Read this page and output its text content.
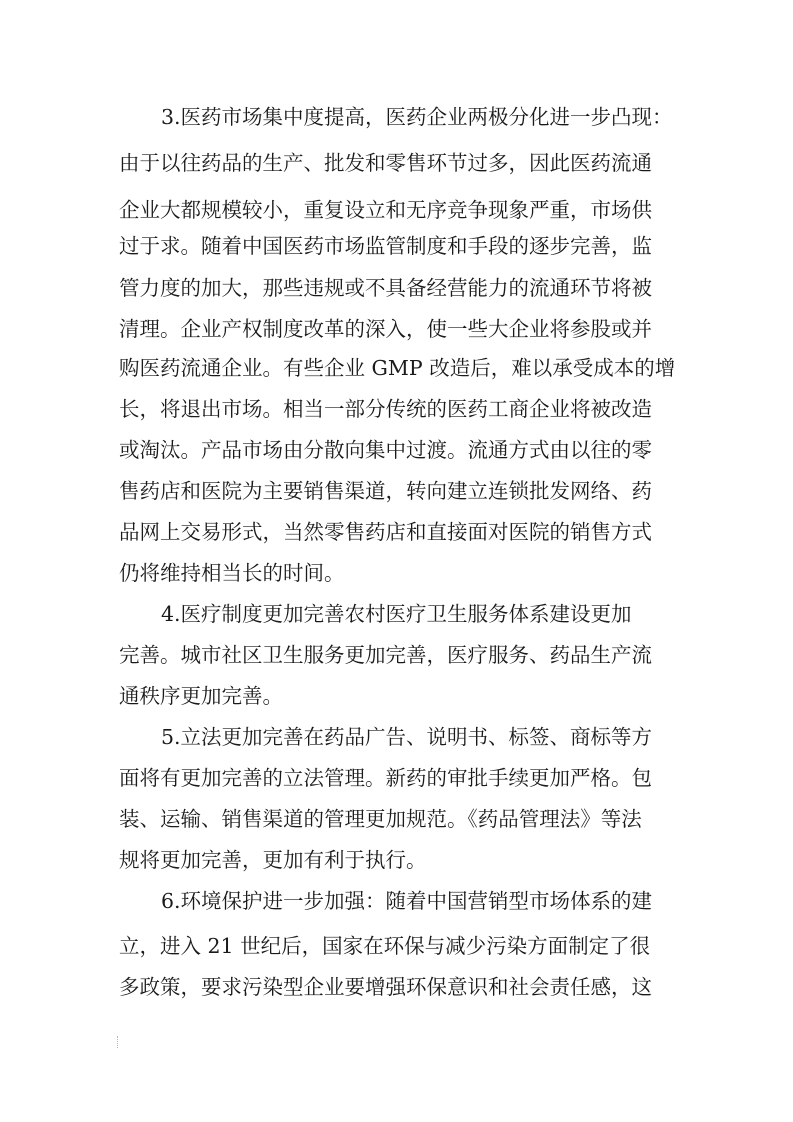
3.医药市场集中度提高，医药企业两极分化进一步凸现：
由于以往药品的生产、批发和零售环节过多，因此医药流通
企业大都规模较小，重复设立和无序竞争现象严重，市场供
过于求。随着中国医药市场监管制度和手段的逐步完善，监
管力度的加大，那些违规或不具备经营能力的流通环节将被
清理。企业产权制度改革的深入，使一些大企业将参股或并
购医药流通企业。有些企业 GMP 改造后，难以承受成本的增
长，将退出市场。相当一部分传统的医药工商企业将被改造
或淘汰。产品市场由分散向集中过渡。流通方式由以往的零
售药店和医院为主要销售渠道，转向建立连锁批发网络、药
品网上交易形式，当然零售药店和直接面对医院的销售方式
仍将维持相当长的时间。
4.医疗制度更加完善农村医疗卫生服务体系建设更加
完善。城市社区卫生服务更加完善，医疗服务、药品生产流
通秩序更加完善。
5.立法更加完善在药品广告、说明书、标签、商标等方
面将有更加完善的立法管理。新药的审批手续更加严格。包
装、运输、销售渠道的管理更加规范。《药品管理法》等法
规将更加完善，更加有利于执行。
6.环境保护进一步加强：随着中国营销型市场体系的建
立，进入 21 世纪后，国家在环保与减少污染方面制定了很
多政策，要求污染型企业要增强环保意识和社会责任感，这
